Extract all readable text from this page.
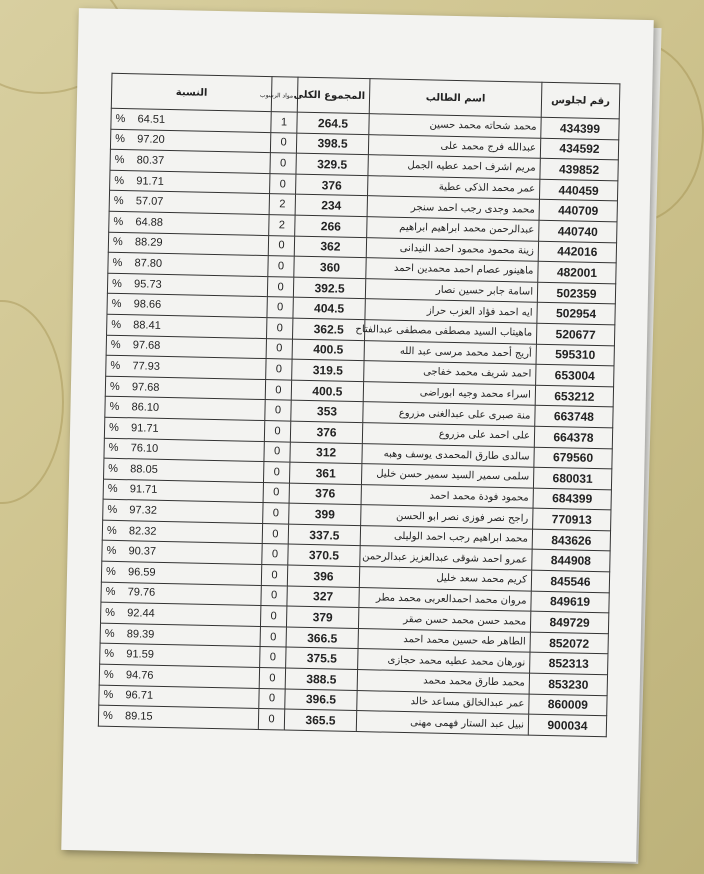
رقم لجلوس	اسم الطالب	المجموع الكلى	مواد الرسوب	النسبة
434399	محمد شحاته محمد حسين	264.5	1	% 64.51
434592	عبدالله فرج محمد على	398.5	0	% 97.20
439852	مريم اشرف احمد عطيه الجمل	329.5	0	% 80.37
440459	عمر محمد الذكى عطية	376	0	% 91.71
440709	محمد وجدى رجب احمد سنجر	234	2	% 57.07
440740	عبدالرحمن محمد ابراهيم ابراهيم	266	2	% 64.88
442016	زينة محمود محمود احمد النيدانى	362	0	% 88.29
482001	ماهينور عصام احمد محمدين احمد	360	0	% 87.80
502359	اسامة جابر حسين نصار	392.5	0	% 95.73
502954	ايه احمد فؤاد العزب حراز	404.5	0	% 98.66
520677	ماهيتاب السيد مصطفى مصطفى عبدالفتاح	362.5	0	% 88.41
595310	أريج أحمد محمد مرسى عبد الله	400.5	0	% 97.68
653004	احمد شريف محمد خفاجى	319.5	0	% 77.93
653212	اسراء محمد وجيه ابوراضى	400.5	0	% 97.68
663748	منة صبرى على عبدالغنى مزروع	353	0	% 86.10
664378	على احمد على مزروع	376	0	% 91.71
679560	سالدى طارق المحمدى يوسف وهبه	312	0	% 76.10
680031	سلمى سمير السيد سمير حسن خليل	361	0	% 88.05
684399	محمود فودة محمد احمد	376	0	% 91.71
770913	راجح نصر فوزى نصر ابو الحسن	399	0	% 97.32
843626	محمد ابراهيم رجب احمد الوليلى	337.5	0	% 82.32
844908	عمرو احمد شوقى عبدالعزيز عبدالرحمن	370.5	0	% 90.37
845546	كريم محمد سعد خليل	396	0	% 96.59
849619	مروان محمد احمدالعربى محمد مطر	327	0	% 79.76
849729	محمد حسن محمد حسن صقر	379	0	% 92.44
852072	الطاهر طه حسين محمد احمد	366.5	0	% 89.39
852313	نورهان محمد عطيه محمد حجازى	375.5	0	% 91.59
853230	محمد طارق محمد محمد	388.5	0	% 94.76
860009	عمر عبدالخالق مساعد خالد	396.5	0	% 96.71
900034	نبيل عبد الستار فهمى مهنى	365.5	0	% 89.15
